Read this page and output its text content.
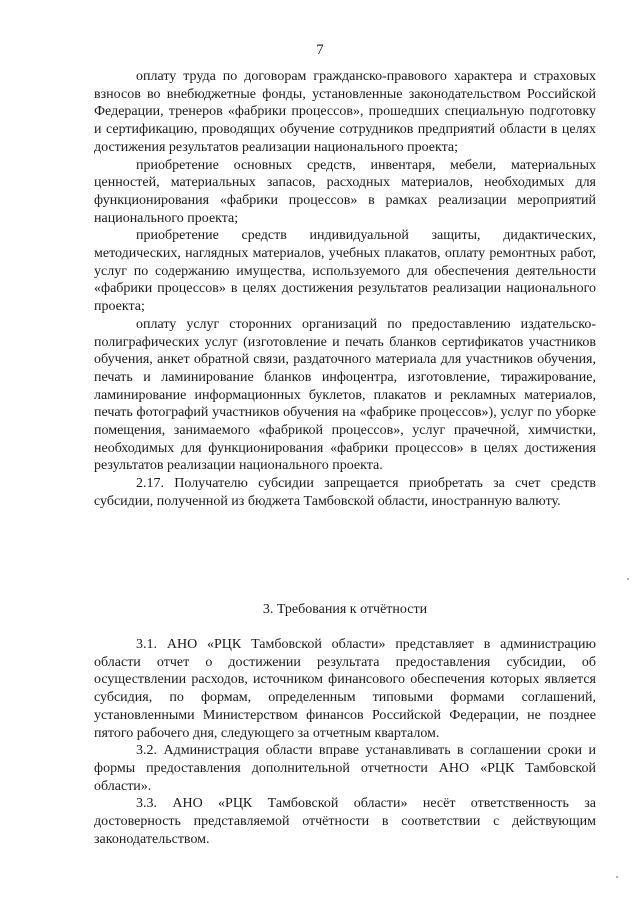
7

оплату труда по договорам гражданско-правового характера и страховых взносов во внебюджетные фонды, установленные законодательством Российской Федерации, тренеров «фабрики процессов», прошедших специальную подготовку и сертификацию, проводящих обучение сотрудников предприятий области в целях достижения результатов реализации национального проекта;

приобретение основных средств, инвентаря, мебели, материальных ценностей, материальных запасов, расходных материалов, необходимых для функционирования «фабрики процессов» в рамках реализации мероприятий национального проекта;

приобретение средств индивидуальной защиты, дидактических, методических, наглядных материалов, учебных плакатов, оплату ремонтных работ, услуг по содержанию имущества, используемого для обеспечения деятельности «фабрики процессов» в целях достижения результатов реализации национального проекта;

оплату услуг сторонних организаций по предоставлению издательско-полиграфических услуг (изготовление и печать бланков сертификатов участников обучения, анкет обратной связи, раздаточного материала для участников обучения, печать и ламинирование бланков инфоцентра, изготовление, тиражирование, ламинирование информационных буклетов, плакатов и рекламных материалов, печать фотографий участников обучения на «фабрике процессов»), услуг по уборке помещения, занимаемого «фабрикой процессов», услуг прачечной, химчистки, необходимых для функционирования «фабрики процессов» в целях достижения результатов реализации национального проекта.

2.17. Получателю субсидии запрещается приобретать за счет средств субсидии, полученной из бюджета Тамбовской области, иностранную валюту.

3. Требования к отчётности

3.1. АНО «РЦК Тамбовской области» представляет в администрацию области отчет о достижении результата предоставления субсидии, об осуществлении расходов, источником финансового обеспечения которых является субсидия, по формам, определенным типовыми формами соглашений, установленными Министерством финансов Российской Федерации, не позднее пятого рабочего дня, следующего за отчетным кварталом.

3.2. Администрация области вправе устанавливать в соглашении сроки и формы предоставления дополнительной отчетности АНО «РЦК Тамбовской области».

3.3. АНО «РЦК Тамбовской области» несёт ответственность за достоверность представляемой отчётности в соответствии с действующим законодательством.
